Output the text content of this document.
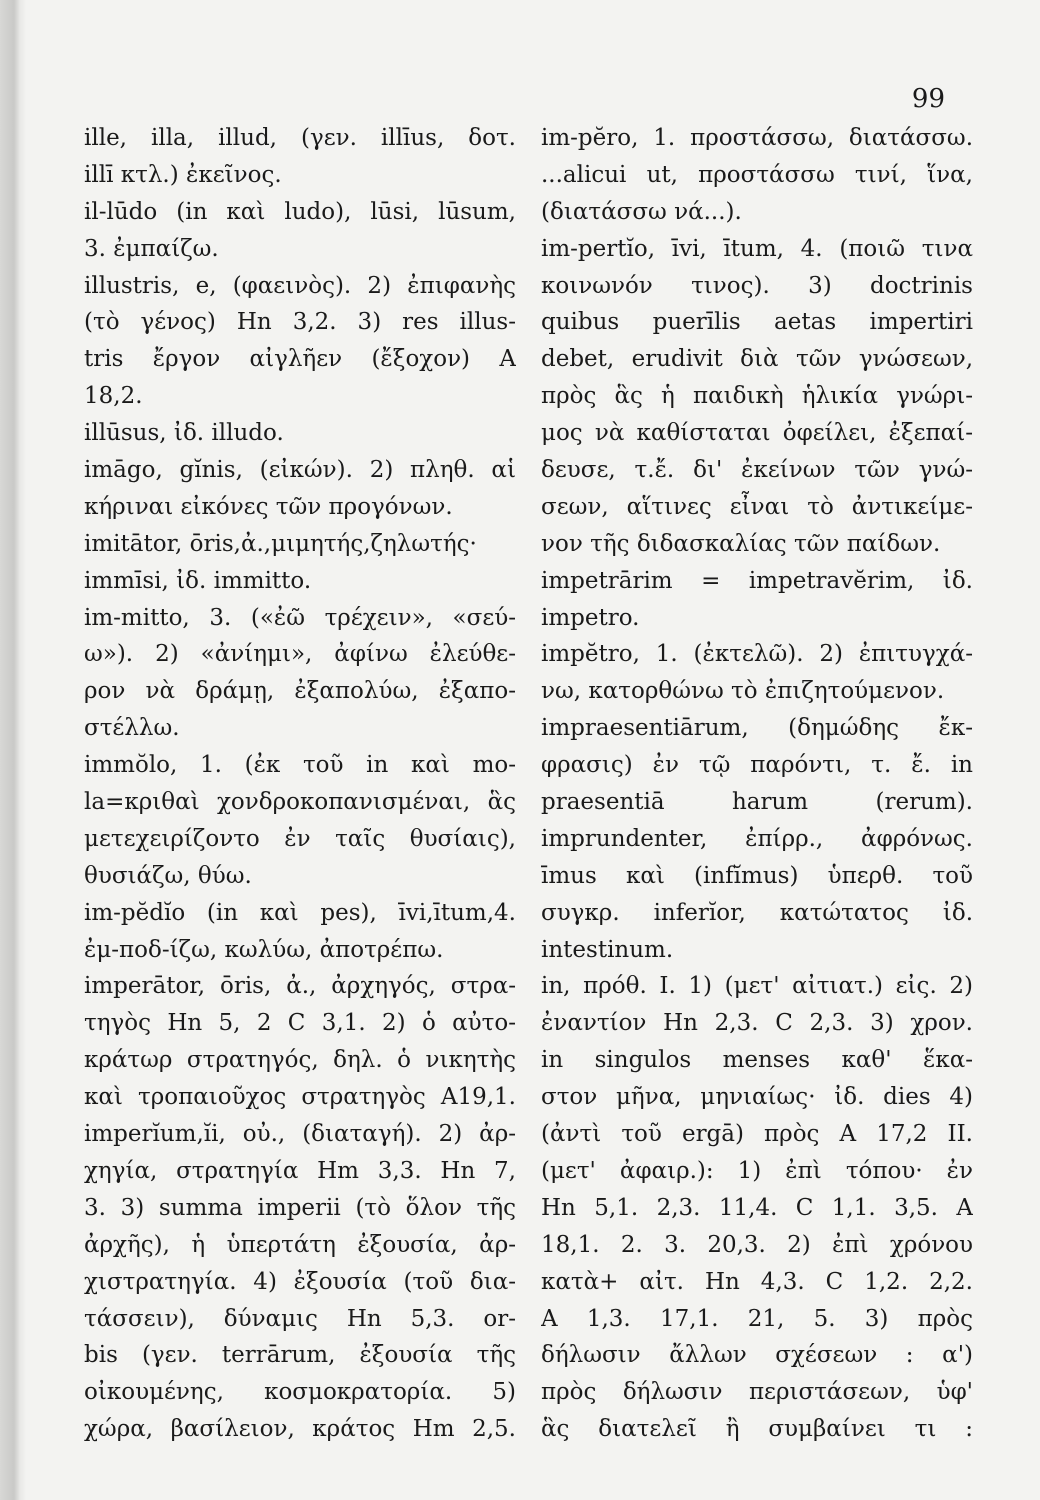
99
ille, illa, illud, (γεν. illīus, δοτ.
illī κτλ.) ἐκεῖνος.
il-lūdo (in καὶ ludo), lūsi, lūsum,
3. ἐμπαίζω.
illustris, e, (φαεινὸς). 2) ἐπιφανὴς
(τὸ γένος) Hn 3,2. 3) res illus-
tris ἔργον αἰγλῆεν (ἔξοχον) A
18,2.
illūsus, ἰδ. illudo.
imāgo, gĭnis, (εἰκών). 2) πληθ. αἱ
κήριναι εἰκόνες τῶν προγόνων.
imitātor, ōris,ἀ.,μιμητής,ζηλωτής·
immīsi, ἰδ. immitto.
im-mitto, 3. («ἐῶ τρέχειν», «σεύ-
ω»). 2) «ἀνίημι», ἀφίνω ἐλεύθε-
ρον νὰ δράμῃ, ἐξαπολύω, ἐξαπο-
στέλλω.
immŏlo, 1. (ἐκ τοῦ in καὶ mo-
la=κριθαὶ χονδροκοπανισμέναι, ἃς
μετεχειρίζοντο ἐν ταῖς θυσίαις),
θυσιάζω, θύω.
im-pĕdĭo (in καὶ pes), īvi,ītum,4.
ἐμ-ποδ-ίζω, κωλύω, ἀποτρέπω.
imperātor, ōris, ἀ., ἀρχηγός, στρα-
τηγὸς Hn 5, 2 C 3,1. 2) ὁ αὐτο-
κράτωρ στρατηγός, δηλ. ὁ νικητὴς
καὶ τροπαιοῦχος στρατηγὸς A19,1.
imperĭum,ĭi, οὐ., (διαταγή). 2) ἀρ-
χηγία, στρατηγία Hm 3,3. Hn 7,
3. 3) summa imperii (τὸ ὅλον τῆς
ἀρχῆς), ἡ ὑπερτάτη ἐξουσία, ἀρ-
χιστρατηγία. 4) ἐξουσία (τοῦ δια-
τάσσειν), δύναμις Hn 5,3. or-
bis (γεν. terrārum, ἐξουσία τῆς
οἰκουμένης, κοσμοκρατορία. 5)
χώρα, βασίλειον, κράτος Hm 2,5.
im-pĕro, 1. προστάσσω, διατάσσω.
...alicui ut, προστάσσω τινί, ἵνα,
(διατάσσω νά...).
im-pertĭo, īvi, ītum, 4. (ποιῶ τινα
κοινωνόν τινος). 3) doctrinis
quibus puerīlis aetas impertiri
debet, erudivit διὰ τῶν γνώσεων,
πρὸς ἃς ἡ παιδικὴ ἡλικία γνώρι-
μος νὰ καθίσταται ὀφείλει, ἐξεπαί-
δευσε, τ.ἔ. δι' ἐκείνων τῶν γνώ-
σεων, αἵτινες εἶναι τὸ ἀντικείμε-
νον τῆς διδασκαλίας τῶν παίδων.
impetrārim = impetravĕrim, ἰδ.
impetro.
impĕtro, 1. (ἐκτελῶ). 2) ἐπιτυγχά-
νω, κατορθώνω τὸ ἐπιζητούμενον.
impraesentiārum, (δημώδης ἔκ-
φρασις) ἐν τῷ παρόντι, τ. ἔ. in
praesentiā harum (rerum).
imprundenter, ἐπίρρ., ἀφρόνως.
īmus καὶ (infĭmus) ὑπερθ. τοῦ
συγκρ. inferĭor, κατώτατος ἰδ.
intestinum.
in, πρόθ. I. 1) (μετ' αἰτιατ.) εἰς. 2)
ἐναντίον Hn 2,3. C 2,3. 3) χρον.
in singulos menses καθ' ἕκα-
στον μῆνα, μηνιαίως· ἰδ. dies 4)
(ἀντὶ τοῦ ergā) πρὸς A 17,2 II.
(μετ' ἀφαιρ.): 1) ἐπὶ τόπου· ἐν
Hn 5,1. 2,3. 11,4. C 1,1. 3,5. A
18,1. 2. 3. 20,3. 2) ἐπὶ χρόνου
κατὰ+ αἰτ. Hn 4,3. C 1,2. 2,2.
A 1,3. 17,1. 21, 5. 3) πρὸς
δήλωσιν ἄλλων σχέσεων : α')
πρὸς δήλωσιν περιστάσεων, ὑφ'
ἃς διατελεῖ ἢ συμβαίνει τι :
